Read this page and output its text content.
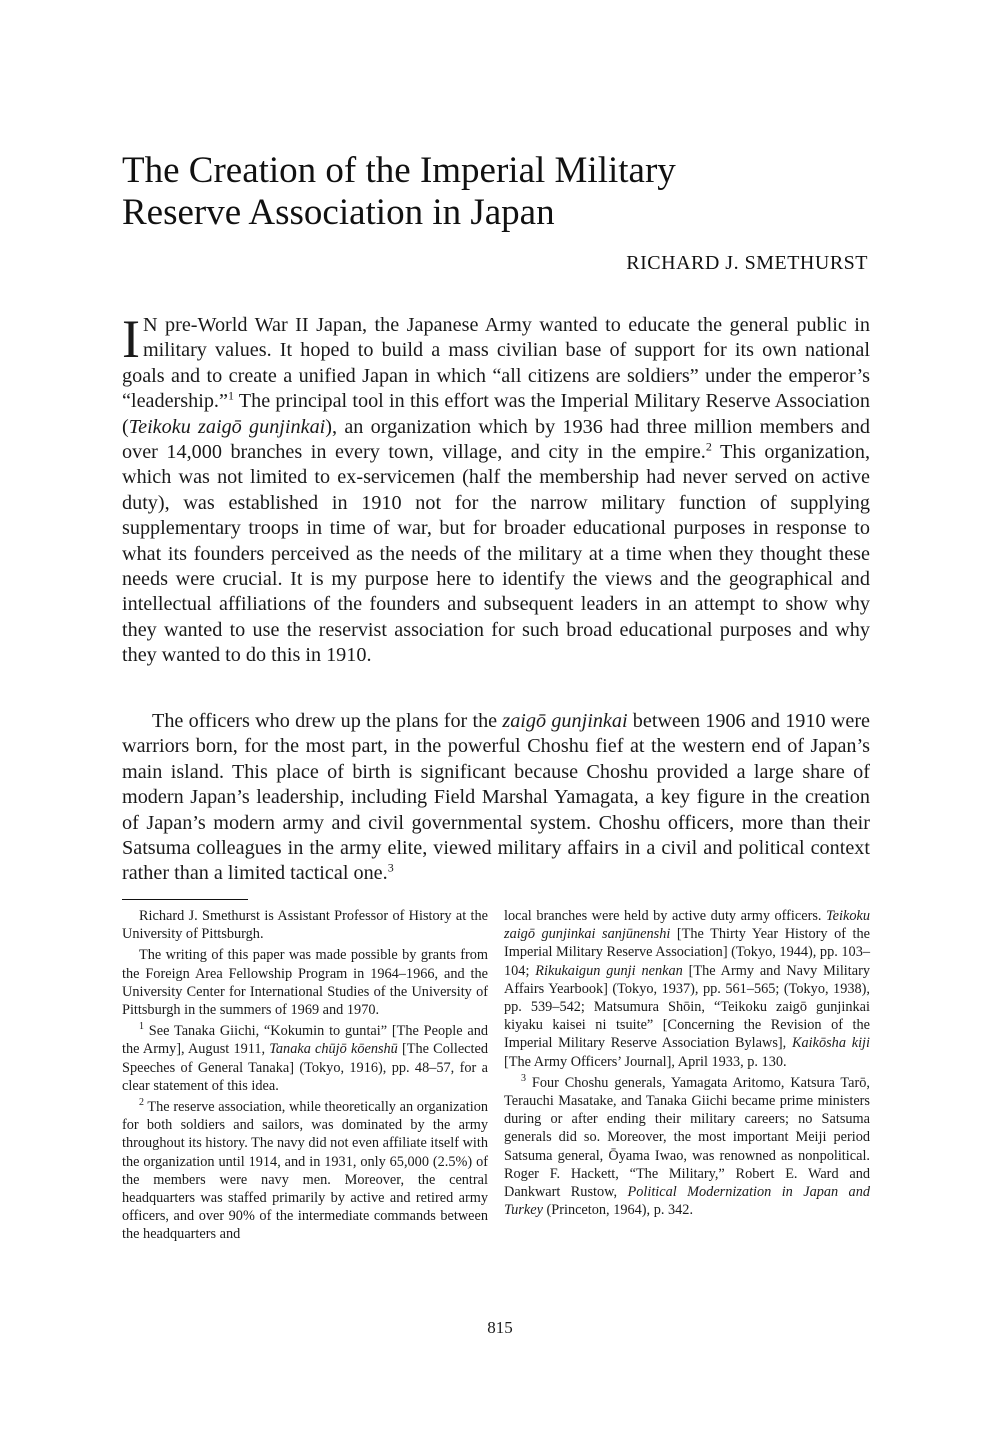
The Creation of the Imperial Military
Reserve Association in Japan

RICHARD J. SMETHURST

I N pre-World War II Japan, the Japanese Army wanted to educate the general public in military values. It hoped to build a mass civilian base of support for its own national goals and to create a unified Japan in which “all citizens are soldiers” under the emperor’s “leadership.”$^1$ The principal tool in this effort was the Imperial Military Reserve Association (Teikoku zaigō gunjinkai), an organization which by 1936 had three million members and over 14,000 branches in every town, village, and city in the empire.$^2$ This organization, which was not limited to ex-servicemen (half the membership had never served on active duty), was established in 1910 not for the narrow military function of supplying supplementary troops in time of war, but for broader educational purposes in response to what its founders perceived as the needs of the military at a time when they thought these needs were crucial. It is my purpose here to identify the views and the geographical and intellectual affiliations of the founders and subsequent leaders in an attempt to show why they wanted to use the reservist association for such broad educational purposes and why they wanted to do this in 1910.

The officers who drew up the plans for the zaigō gunjinkai between 1906 and 1910 were warriors born, for the most part, in the powerful Choshu fief at the western end of Japan’s main island. This place of birth is significant because Choshu provided a large share of modern Japan’s leadership, including Field Marshal Yamagata, a key figure in the creation of Japan’s modern army and civil governmental system. Choshu officers, more than their Satsuma colleagues in the army elite, viewed military affairs in a civil and political context rather than a limited tactical one.$^3$

Richard J. Smethurst is Assistant Professor of History at the University of Pittsburgh.

The writing of this paper was made possible by grants from the Foreign Area Fellowship Program in 1964–1966, and the University Center for International Studies of the University of Pittsburgh in the summers of 1969 and 1970.

$^1$ See Tanaka Giichi, “Kokumin to guntai” [The People and the Army], August 1911, Tanaka chūjō kōenshū [The Collected Speeches of General Tanaka] (Tokyo, 1916), pp. 48–57, for a clear statement of this idea.

$^2$ The reserve association, while theoretically an organization for both soldiers and sailors, was dominated by the army throughout its history. The navy did not even affiliate itself with the organization until 1914, and in 1931, only 65,000 (2.5%) of the members were navy men. Moreover, the central headquarters was staffed primarily by active and retired army officers, and over 90% of the intermediate commands between the headquarters and

local branches were held by active duty army officers. Teikoku zaigō gunjinkai sanjūnenshi [The Thirty Year History of the Imperial Military Reserve Association] (Tokyo, 1944), pp. 103–104; Rikukaigun gunji nenkan [The Army and Navy Military Affairs Yearbook] (Tokyo, 1937), pp. 561–565; (Tokyo, 1938), pp. 539–542; Matsumura Shōin, “Teikoku zaigō gunjinkai kiyaku kaisei ni tsuite” [Concerning the Revision of the Imperial Military Reserve Association Bylaws], Kaikōsha kiji [The Army Officers’ Journal], April 1933, p. 130.

$^3$ Four Choshu generals, Yamagata Aritomo, Katsura Tarō, Terauchi Masatake, and Tanaka Giichi became prime ministers during or after ending their military careers; no Satsuma generals did so. Moreover, the most important Meiji period Satsuma general, Ōyama Iwao, was renowned as nonpolitical. Roger F. Hackett, “The Military,” Robert E. Ward and Dankwart Rustow, Political Modernization in Japan and Turkey (Princeton, 1964), p. 342.

815
